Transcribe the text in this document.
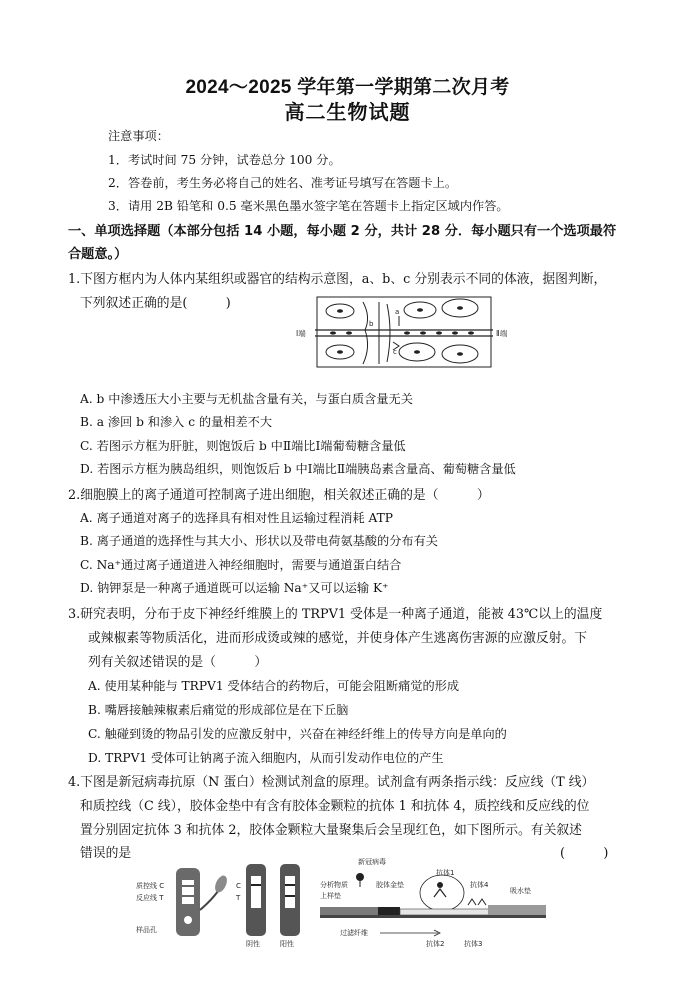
2024～2025 学年第一学期第二次月考
高二生物试题
注意事项：
1．考试时间 75 分钟，试卷总分 100 分。
2．答卷前，考生务必将自己的姓名、准考证号填写在答题卡上。
3．请用 2B 铅笔和 0.5 毫米黑色墨水签字笔在答题卡上指定区域内作答。
一、单项选择题（本部分包括 14 小题，每小题 2 分，共计 28 分．每小题只有一个选项最符
合题意。）
1.下图方框内为人体内某组织或器官的结构示意图，a、b、c 分别表示不同的体液，据图判断，
下列叙述正确的是(　　　)
Ⅰ端	Ⅱ端
a
b
c
A. b 中渗透压大小主要与无机盐含量有关，与蛋白质含量无关
B. a 渗回 b 和渗入 c 的量相差不大
C. 若图示方框为肝脏，则饱饭后 b 中Ⅱ端比Ⅰ端葡萄糖含量低
D. 若图示方框为胰岛组织，则饱饭后 b 中Ⅰ端比Ⅱ端胰岛素含量高、葡萄糖含量低
2.细胞膜上的离子通道可控制离子进出细胞，相关叙述正确的是（　　　）
A. 离子通道对离子的选择具有相对性且运输过程消耗 ATP
B. 离子通道的选择性与其大小、形状以及带电荷氨基酸的分布有关
C. Na⁺通过离子通道进入神经细胞时，需要与通道蛋白结合
D. 钠钾泵是一种离子通道既可以运输 Na⁺又可以运输 K⁺
3.研究表明，分布于皮下神经纤维膜上的 TRPV1 受体是一种离子通道，能被 43℃以上的温度
或辣椒素等物质活化，进而形成烫或辣的感觉，并使身体产生逃离伤害源的应激反射。下
列有关叙述错误的是（　　　）
A. 使用某种能与 TRPV1 受体结合的药物后，可能会阻断痛觉的形成
B. 嘴唇接触辣椒素后痛觉的形成部位是在下丘脑
C. 触碰到烫的物品引发的应激反射中，兴奋在神经纤维上的传导方向是单向的
D. TRPV1 受体可让钠离子流入细胞内，从而引发动作电位的产生
4.下图是新冠病毒抗原（N 蛋白）检测试剂盒的原理。试剂盒有两条指示线：反应线（T 线）
和质控线（C 线），胶体金垫中有含有胶体金颗粒的抗体 1 和抗体 4，质控线和反应线的位
置分别固定抗体 3 和抗体 2，胶体金颗粒大量聚集后会呈现红色，如下图所示。有关叙述
错误的是	(　　　)
质控线 C
反应线 T
样品孔
C
T
阴性	阳性
新冠病毒
分析物质
上样垫
胶体金垫
抗体1
抗体4
吸水垫
过滤纤维
抗体2	抗体3
